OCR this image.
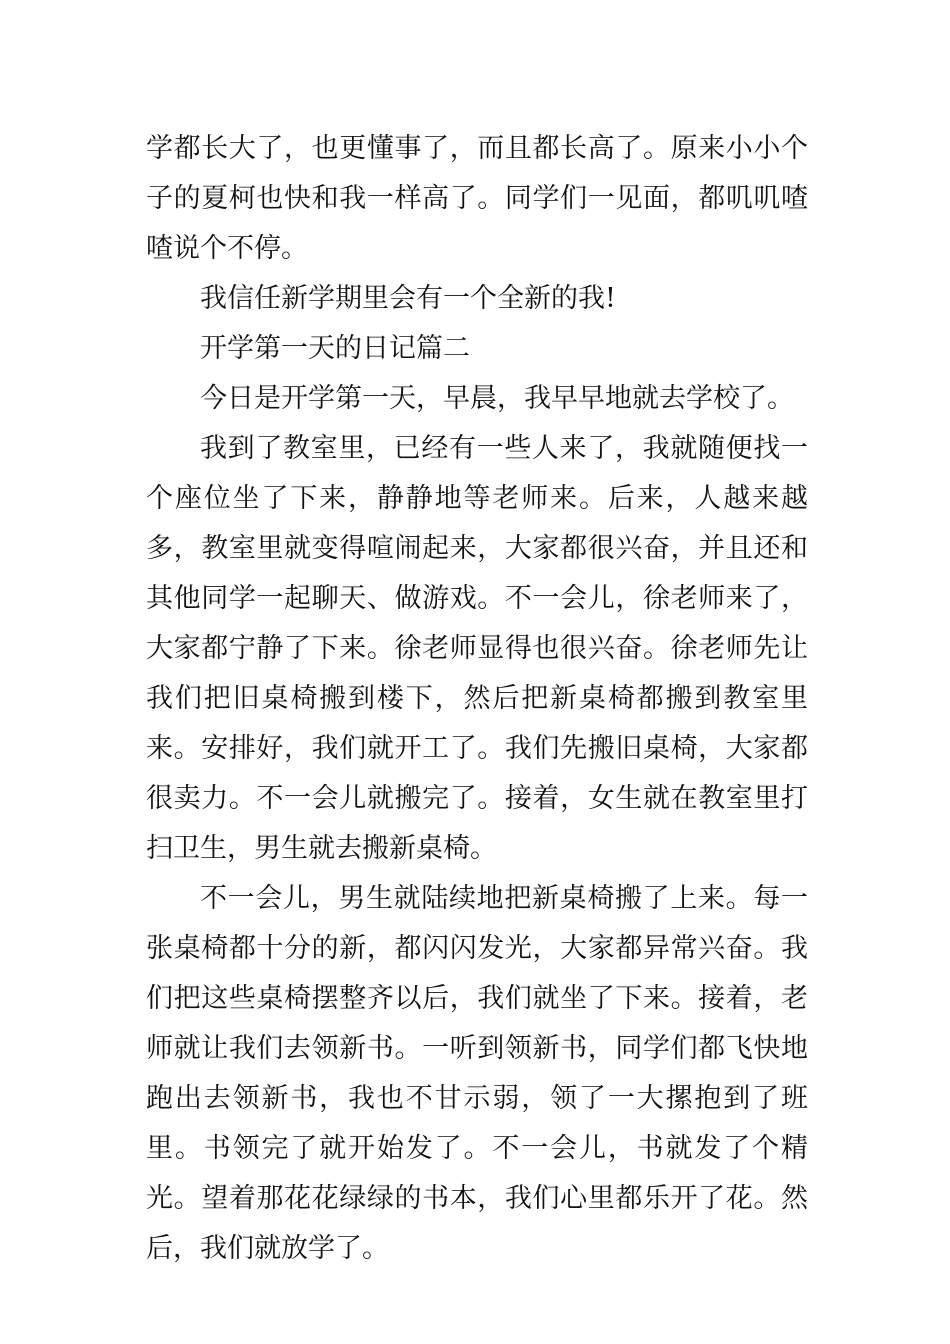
学都长大了，也更懂事了，而且都长高了。原来小小个子的夏柯也快和我一样高了。同学们一见面，都叽叽喳喳说个不停。

我信任新学期里会有一个全新的我!

开学第一天的日记篇二

今日是开学第一天，早晨，我早早地就去学校了。

我到了教室里，已经有一些人来了，我就随便找一个座位坐了下来，静静地等老师来。后来，人越来越多，教室里就变得喧闹起来，大家都很兴奋，并且还和其他同学一起聊天、做游戏。不一会儿，徐老师来了，大家都宁静了下来。徐老师显得也很兴奋。徐老师先让我们把旧桌椅搬到楼下，然后把新桌椅都搬到教室里来。安排好，我们就开工了。我们先搬旧桌椅，大家都很卖力。不一会儿就搬完了。接着，女生就在教室里打扫卫生，男生就去搬新桌椅。

不一会儿，男生就陆续地把新桌椅搬了上来。每一张桌椅都十分的新，都闪闪发光，大家都异常兴奋。我们把这些桌椅摆整齐以后，我们就坐了下来。接着，老师就让我们去领新书。一听到领新书，同学们都飞快地跑出去领新书，我也不甘示弱，领了一大摞抱到了班里。书领完了就开始发了。不一会儿，书就发了个精光。望着那花花绿绿的书本，我们心里都乐开了花。然后，我们就放学了。
